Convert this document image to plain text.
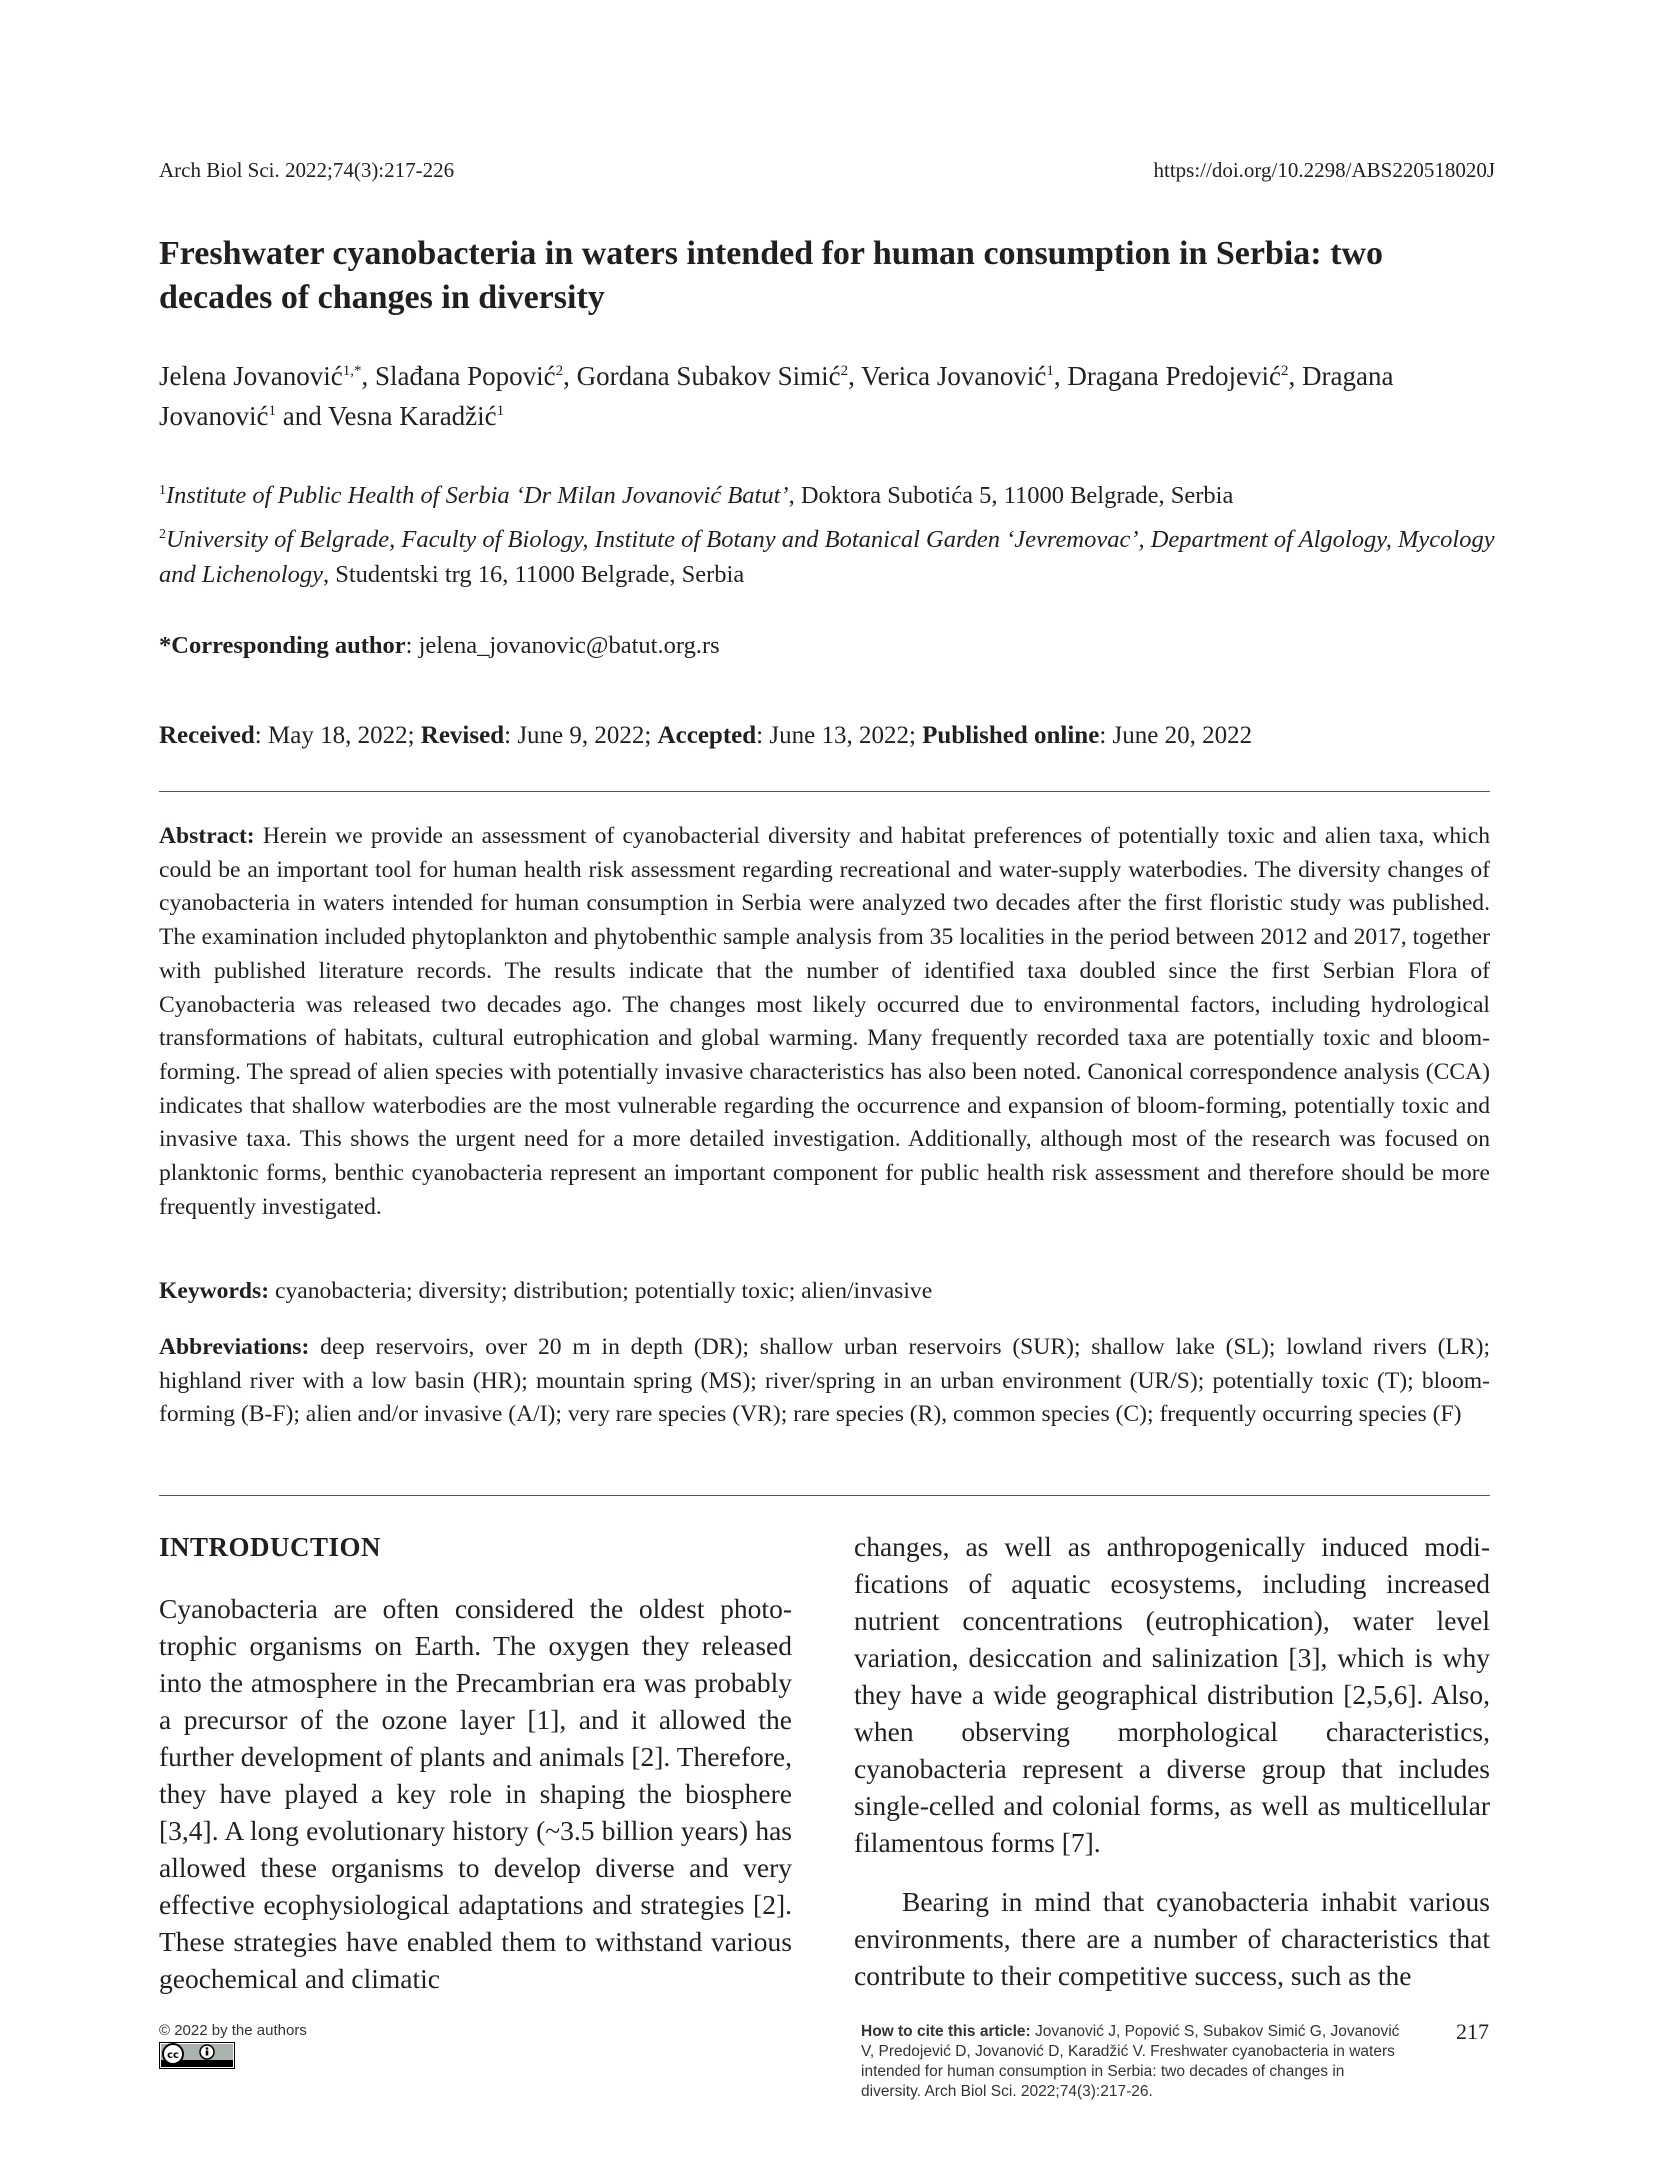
Arch Biol Sci. 2022;74(3):217-226	https://doi.org/10.2298/ABS220518020J
Freshwater cyanobacteria in waters intended for human consumption in Serbia: two decades of changes in diversity
Jelena Jovanović$^{1,*}$, Slađana Popović$^2$, Gordana Subakov Simić$^2$, Verica Jovanović$^1$, Dragana Predojević$^2$, Dragana Jovanović$^1$ and Vesna Karadžić$^1$
$^1$Institute of Public Health of Serbia ‘Dr Milan Jovanović Batut’, Doktora Subotića 5, 11000 Belgrade, Serbia
$^2$University of Belgrade, Faculty of Biology, Institute of Botany and Botanical Garden ‘Jevremovac’, Department of Algology, Mycology and Lichenology, Studentski trg 16, 11000 Belgrade, Serbia
*Corresponding author: jelena_jovanovic@batut.org.rs
Received: May 18, 2022; Revised: June 9, 2022; Accepted: June 13, 2022; Published online: June 20, 2022
Abstract: Herein we provide an assessment of cyanobacterial diversity and habitat preferences of potentially toxic and alien taxa, which could be an important tool for human health risk assessment regarding recreational and water-supply waterbodies. The diversity changes of cyanobacteria in waters intended for human consumption in Serbia were analyzed two decades after the first floristic study was published. The examination included phytoplankton and phytobenthic sample analysis from 35 localities in the period between 2012 and 2017, together with published literature records. The results indicate that the number of identified taxa doubled since the first Serbian Flora of Cyanobacteria was released two decades ago. The changes most likely occurred due to environmental factors, including hydrological transformations of habitats, cultural eutrophication and global warming. Many frequently recorded taxa are potentially toxic and bloom-forming. The spread of alien species with potentially invasive characteristics has also been noted. Canonical correspondence analysis (CCA) indicates that shallow waterbodies are the most vulnerable regarding the occurrence and expansion of bloom-forming, potentially toxic and invasive taxa. This shows the urgent need for a more detailed investigation. Additionally, although most of the research was focused on planktonic forms, benthic cyanobacteria represent an important component for public health risk assessment and therefore should be more frequently investigated.
Keywords: cyanobacteria; diversity; distribution; potentially toxic; alien/invasive
Abbreviations: deep reservoirs, over 20 m in depth (DR); shallow urban reservoirs (SUR); shallow lake (SL); lowland rivers (LR); highland river with a low basin (HR); mountain spring (MS); river/spring in an urban environment (UR/S); potentially toxic (T); bloom-forming (B-F); alien and/or invasive (A/I); very rare species (VR); rare species (R), common species (C); frequently occurring species (F)
INTRODUCTION
Cyanobacteria are often considered the oldest phototrophic organisms on Earth. The oxygen they released into the atmosphere in the Precambrian era was probably a precursor of the ozone layer [1], and it allowed the further development of plants and animals [2]. Therefore, they have played a key role in shaping the biosphere [3,4]. A long evolutionary history (~3.5 billion years) has allowed these organisms to develop diverse and very effective ecophysiological adaptations and strategies [2]. These strategies have enabled them to withstand various geochemical and climatic
changes, as well as anthropogenically induced modifications of aquatic ecosystems, including increased nutrient concentrations (eutrophication), water level variation, desiccation and salinization [3], which is why they have a wide geographical distribution [2,5,6]. Also, when observing morphological characteristics, cyanobacteria represent a diverse group that includes single-celled and colonial forms, as well as multicellular filamentous forms [7].
Bearing in mind that cyanobacteria inhabit various environments, there are a number of characteristics that contribute to their competitive success, such as the
© 2022 by the authors
cc
How to cite this article: Jovanović J, Popović S, Subakov Simić G, Jovanović V, Predojević D, Jovanović D, Karadžić V. Freshwater cyanobacteria in waters intended for human consumption in Serbia: two decades of changes in diversity. Arch Biol Sci. 2022;74(3):217-26.
217
